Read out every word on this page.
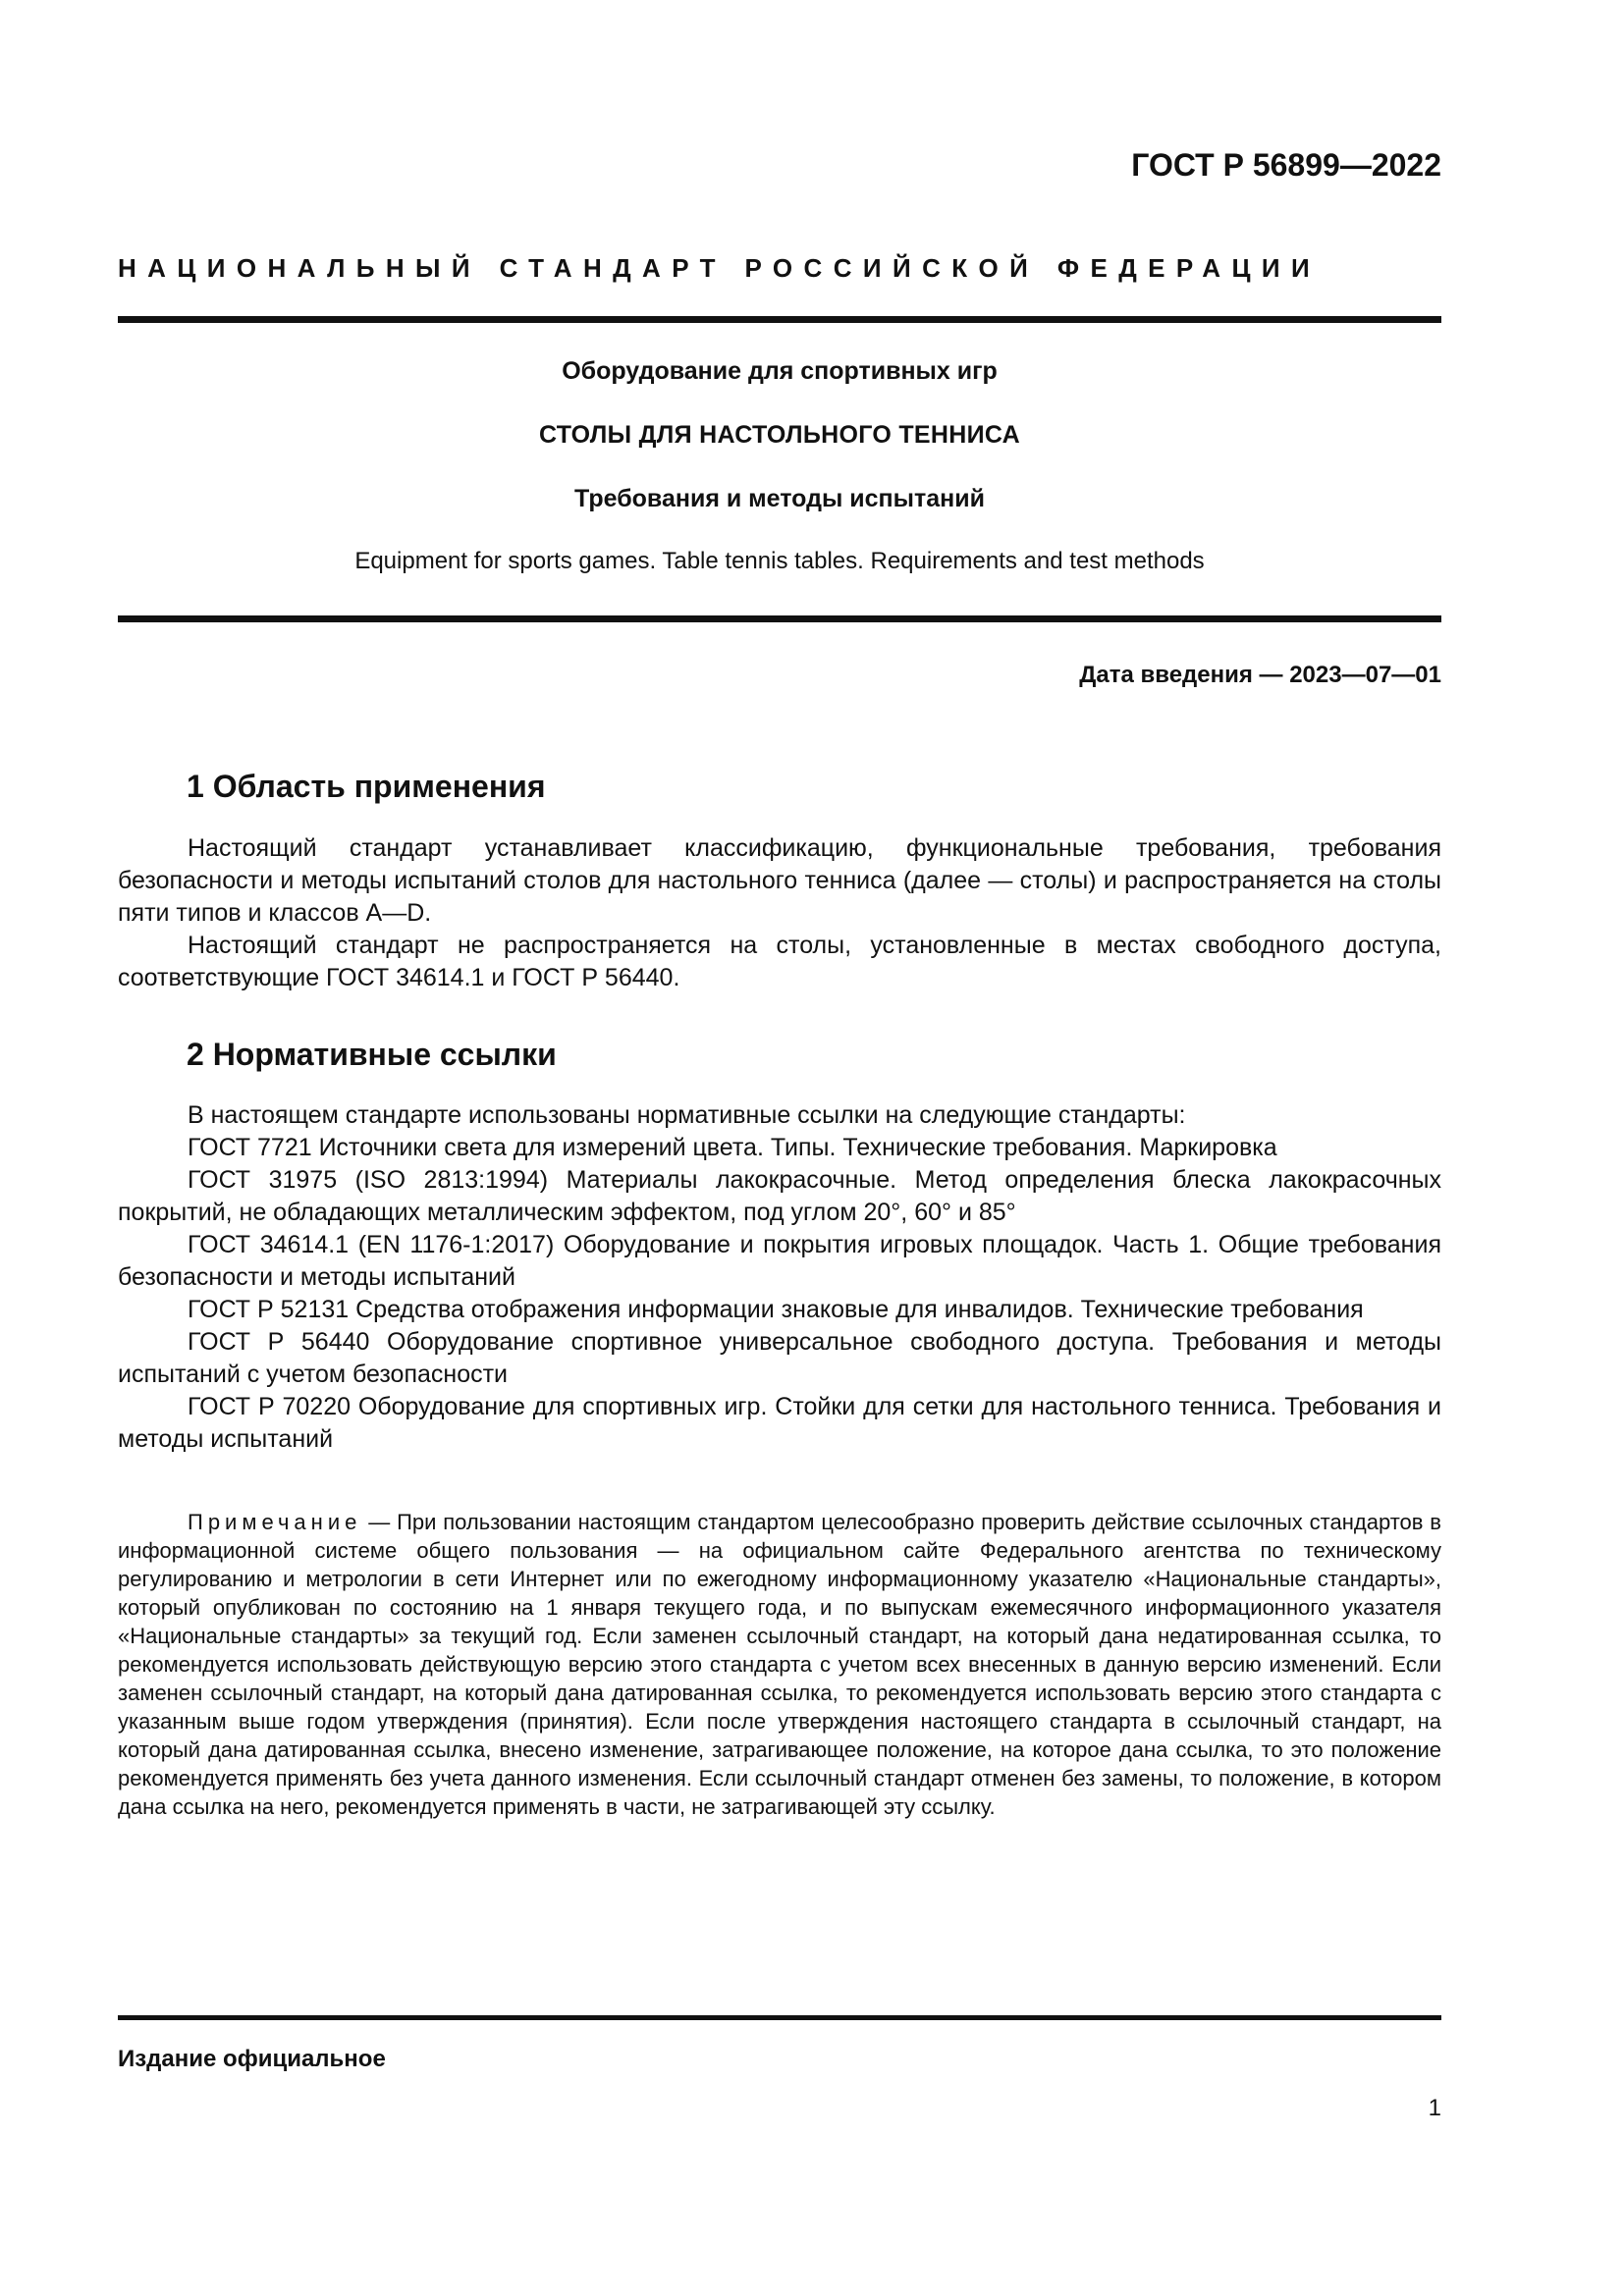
ГОСТ Р 56899—2022
НАЦИОНАЛЬНЫЙ СТАНДАРТ РОССИЙСКОЙ ФЕДЕРАЦИИ
Оборудование для спортивных игр
СТОЛЫ ДЛЯ НАСТОЛЬНОГО ТЕННИСА
Требования и методы испытаний
Equipment for sports games. Table tennis tables. Requirements and test methods
Дата введения — 2023—07—01
1 Область применения

Настоящий стандарт устанавливает классификацию, функциональные требования, требования безопасности и методы испытаний столов для настольного тенниса (далее — столы) и распространяется на столы пяти типов и классов A—D.

Настоящий стандарт не распространяется на столы, установленные в местах свободного доступа, соответствующие ГОСТ 34614.1 и ГОСТ Р 56440.

2 Нормативные ссылки

В настоящем стандарте использованы нормативные ссылки на следующие стандарты:

ГОСТ 7721 Источники света для измерений цвета. Типы. Технические требования. Маркировка

ГОСТ 31975 (ISO 2813:1994) Материалы лакокрасочные. Метод определения блеска лакокрасочных покрытий, не обладающих металлическим эффектом, под углом 20°, 60° и 85°

ГОСТ 34614.1 (EN 1176-1:2017) Оборудование и покрытия игровых площадок. Часть 1. Общие требования безопасности и методы испытаний

ГОСТ Р 52131 Средства отображения информации знаковые для инвалидов. Технические требования

ГОСТ Р 56440 Оборудование спортивное универсальное свободного доступа. Требования и методы испытаний с учетом безопасности

ГОСТ Р 70220 Оборудование для спортивных игр. Стойки для сетки для настольного тенниса. Требования и методы испытаний

Примечание — При пользовании настоящим стандартом целесообразно проверить действие ссылочных стандартов в информационной системе общего пользования — на официальном сайте Федерального агентства по техническому регулированию и метрологии в сети Интернет или по ежегодному информационному указателю «Национальные стандарты», который опубликован по состоянию на 1 января текущего года, и по выпускам ежемесячного информационного указателя «Национальные стандарты» за текущий год. Если заменен ссылочный стандарт, на который дана недатированная ссылка, то рекомендуется использовать действующую версию этого стандарта с учетом всех внесенных в данную версию изменений. Если заменен ссылочный стандарт, на который дана датированная ссылка, то рекомендуется использовать версию этого стандарта с указанным выше годом утверждения (принятия). Если после утверждения настоящего стандарта в ссылочный стандарт, на который дана датированная ссылка, внесено изменение, затрагивающее положение, на которое дана ссылка, то это положение рекомендуется применять без учета данного изменения. Если ссылочный стандарт отменен без замены, то положение, в котором дана ссылка на него, рекомендуется применять в части, не затрагивающей эту ссылку.

Издание официальное
1
